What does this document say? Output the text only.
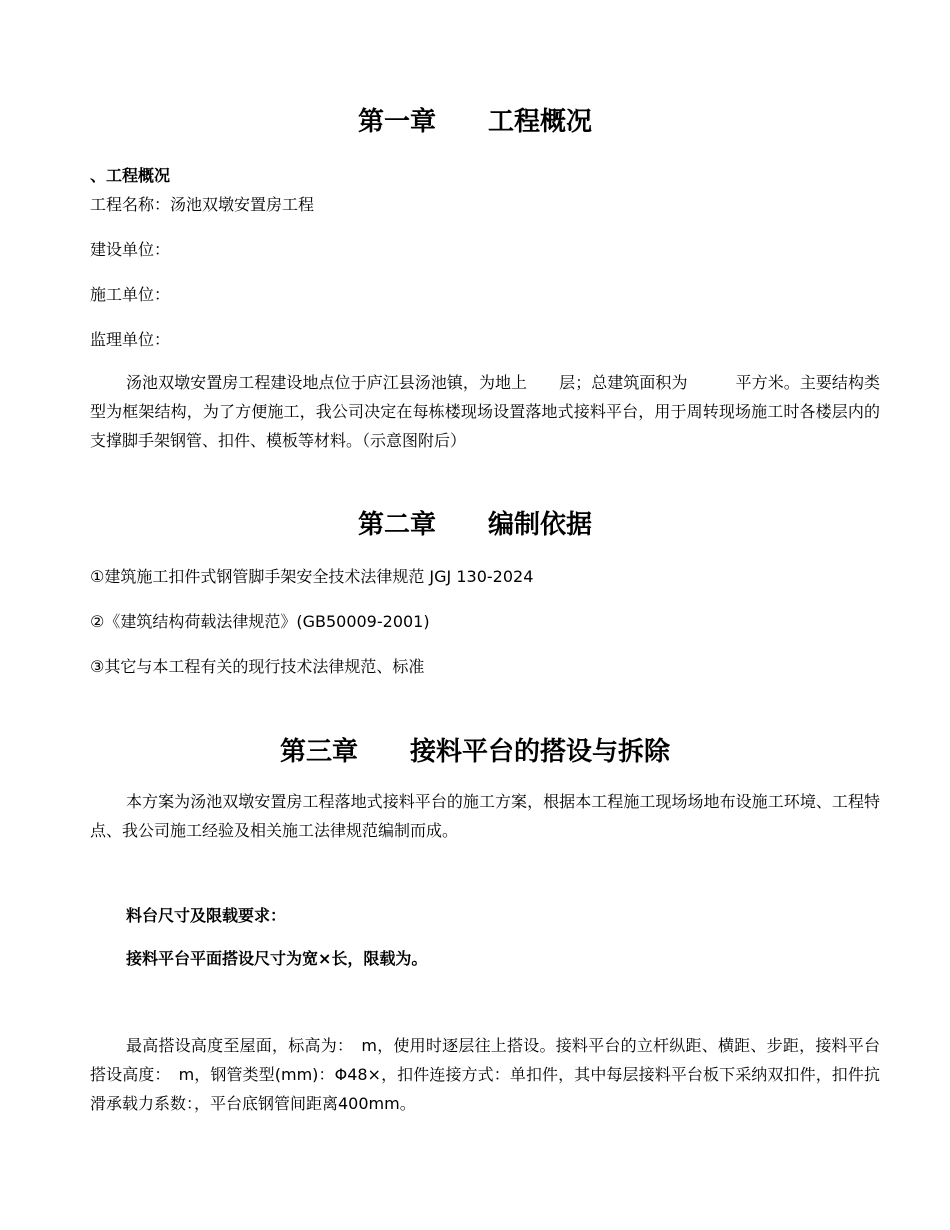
第一章　　工程概况
、工程概况
工程名称：汤池双墩安置房工程
建设单位：
施工单位：
监理单位：

汤池双墩安置房工程建设地点位于庐江县汤池镇，为地上　　层；总建筑面积为　　　平方米。主要结构类型为框架结构，为了方便施工，我公司决定在每栋楼现场设置落地式接料平台，用于周转现场施工时各楼层内的支撑脚手架钢管、扣件、模板等材料。（示意图附后）

第二章　　编制依据
①建筑施工扣件式钢管脚手架安全技术法律规范 JGJ 130-2024
②《建筑结构荷载法律规范》(GB50009-2001)
③其它与本工程有关的现行技术法律规范、标准
第三章　　接料平台的搭设与拆除

本方案为汤池双墩安置房工程落地式接料平台的施工方案，根据本工程施工现场场地布设施工环境、工程特点、我公司施工经验及相关施工法律规范编制而成。

料台尺寸及限载要求：
接料平台平面搭设尺寸为宽×长，限载为。

最高搭设高度至屋面，标高为：　m，使用时逐层往上搭设。接料平台的立杆纵距、横距、步距，接料平台搭设高度：　m，钢管类型(mm)：Φ48×，扣件连接方式：单扣件，其中每层接料平台板下采纳双扣件，扣件抗滑承载力系数：，平台底钢管间距离400mm。
